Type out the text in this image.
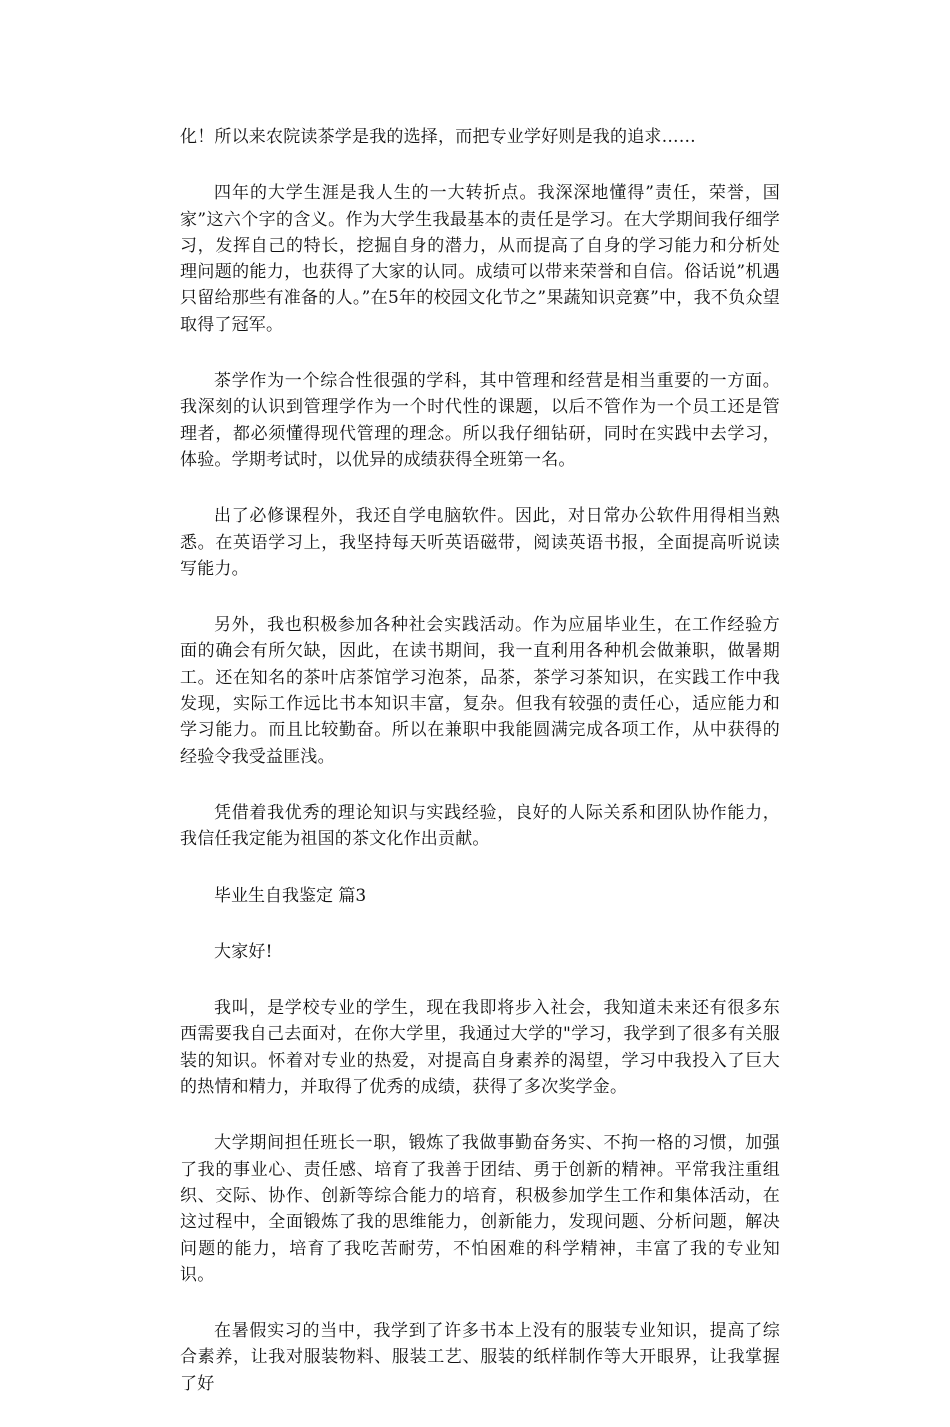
化！所以来农院读茶学是我的选择，而把专业学好则是我的追求……

四年的大学生涯是我人生的一大转折点。我深深地懂得”责任，荣誉，国家”这六个字的含义。作为大学生我最基本的责任是学习。在大学期间我仔细学习，发挥自己的特长，挖掘自身的潜力，从而提高了自身的学习能力和分析处理问题的能力，也获得了大家的认同。成绩可以带来荣誉和自信。俗话说”机遇只留给那些有准备的人。”在5年的校园文化节之”果蔬知识竞赛”中，我不负众望取得了冠军。

茶学作为一个综合性很强的学科，其中管理和经营是相当重要的一方面。我深刻的认识到管理学作为一个时代性的课题，以后不管作为一个员工还是管理者，都必须懂得现代管理的理念。所以我仔细钻研，同时在实践中去学习，体验。学期考试时，以优异的成绩获得全班第一名。

出了必修课程外，我还自学电脑软件。因此，对日常办公软件用得相当熟悉。在英语学习上，我坚持每天听英语磁带，阅读英语书报，全面提高听说读写能力。

另外，我也积极参加各种社会实践活动。作为应届毕业生，在工作经验方面的确会有所欠缺，因此，在读书期间，我一直利用各种机会做兼职，做暑期工。还在知名的茶叶店茶馆学习泡茶，品茶，茶学习茶知识，在实践工作中我发现，实际工作远比书本知识丰富，复杂。但我有较强的责任心，适应能力和学习能力。而且比较勤奋。所以在兼职中我能圆满完成各项工作，从中获得的经验令我受益匪浅。

凭借着我优秀的理论知识与实践经验，良好的人际关系和团队协作能力，我信任我定能为祖国的茶文化作出贡献。

毕业生自我鉴定 篇3

大家好!

我叫，是学校专业的学生，现在我即将步入社会，我知道未来还有很多东西需要我自己去面对，在你大学里，我通过大学的"学习，我学到了很多有关服装的知识。怀着对专业的热爱，对提高自身素养的渴望，学习中我投入了巨大的热情和精力，并取得了优秀的成绩，获得了多次奖学金。

大学期间担任班长一职，锻炼了我做事勤奋务实、不拘一格的习惯，加强了我的事业心、责任感、培育了我善于团结、勇于创新的精神。平常我注重组织、交际、协作、创新等综合能力的培育，积极参加学生工作和集体活动，在这过程中，全面锻炼了我的思维能力，创新能力，发现问题、分析问题，解决问题的能力，培育了我吃苦耐劳，不怕困难的科学精神，丰富了我的专业知识。

在暑假实习的当中，我学到了许多书本上没有的服装专业知识，提高了综合素养，让我对服装物料、服装工艺、服装的纸样制作等大开眼界，让我掌握了好
